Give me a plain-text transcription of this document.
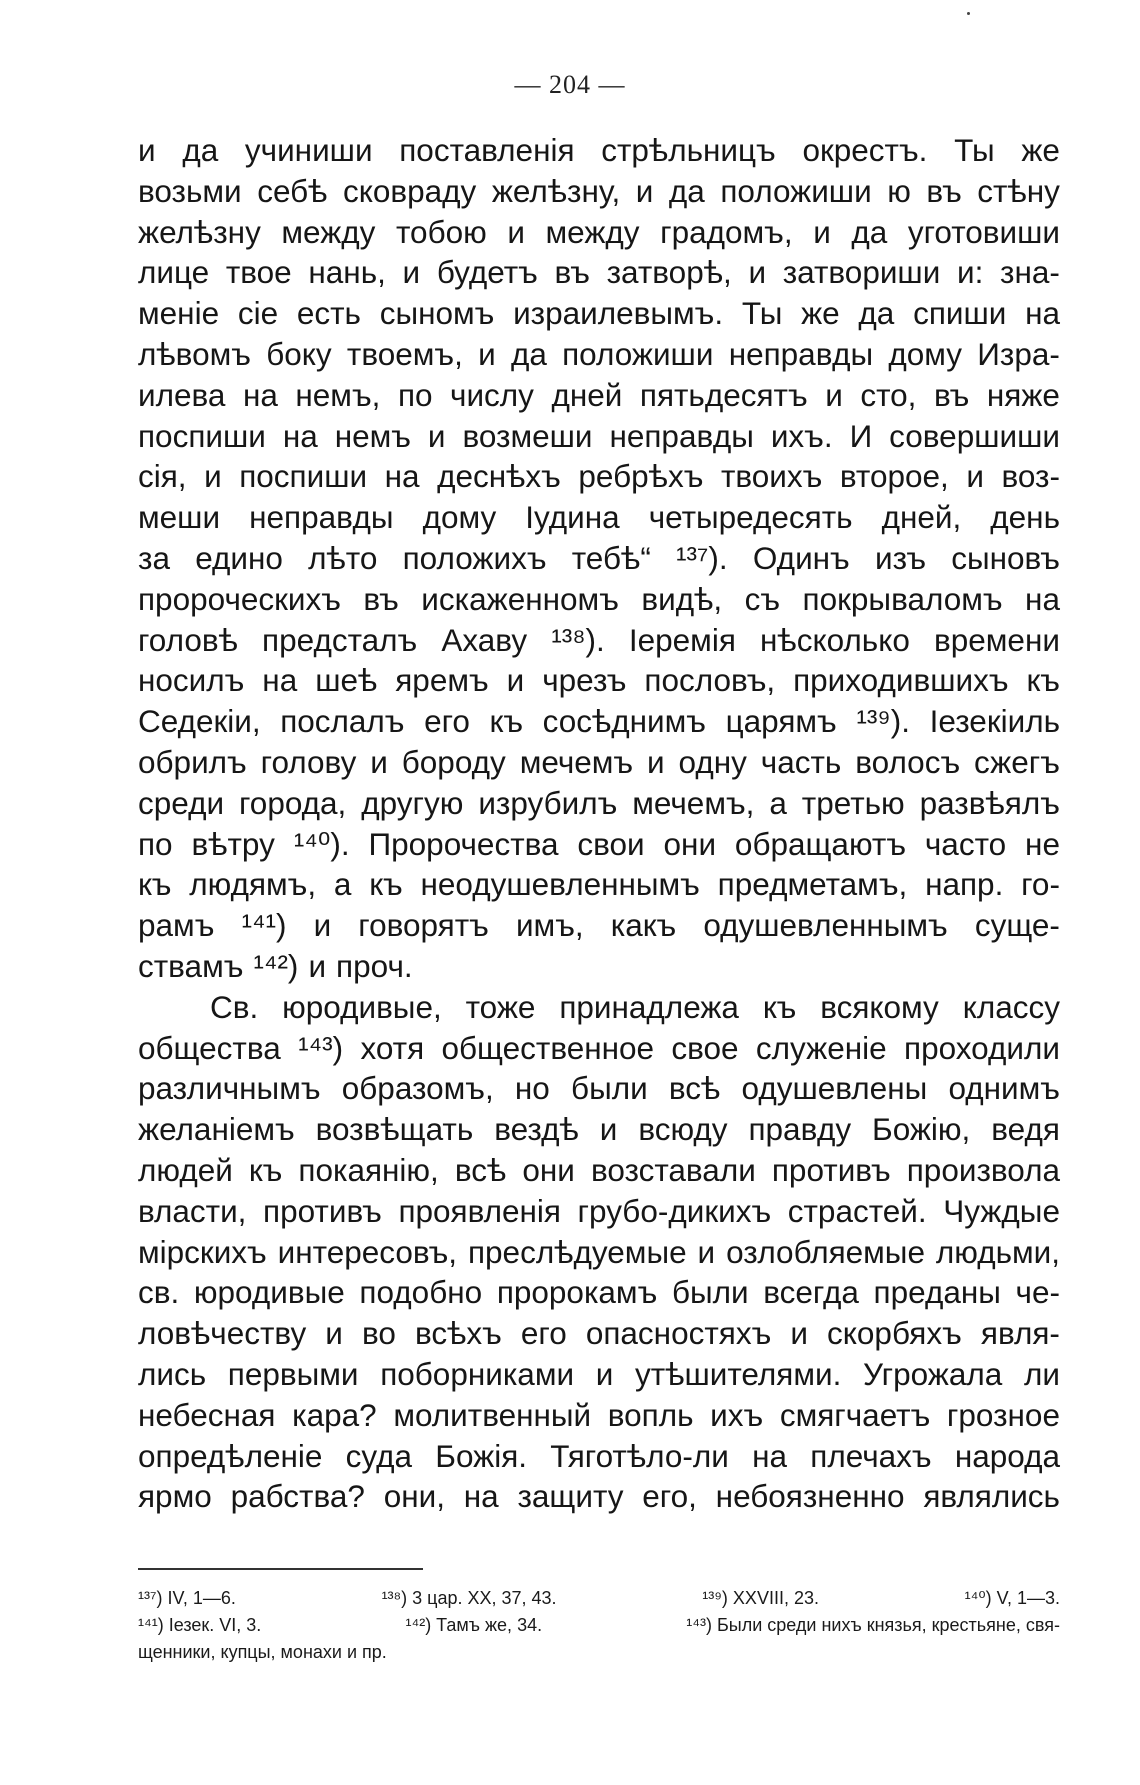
— 204 —
и да учиниши поставленія стрѣльницъ окрестъ. Ты же
возьми себѣ сковраду желѣзну, и да положиши ю въ стѣну
желѣзну между тобою и между градомъ, и да уготовиши
лице твое нань, и будетъ въ затворѣ, и затвориши и: зна-
меніе сіе есть сыномъ израилевымъ. Ты же да спиши на
лѣвомъ боку твоемъ, и да положиши неправды дому Изра-
илева на немъ, по числу дней пятьдесятъ и сто, въ няже
поспиши на немъ и возмеши неправды ихъ. И совершиши
сія, и поспиши на деснѣхъ ребрѣхъ твоихъ второе, и воз-
меши неправды дому Іудина четыредесять дней, день
за едино лѣто положихъ тебѣ“ ¹³⁷). Одинъ изъ сыновъ
пророческихъ въ искаженномъ видѣ, съ покрываломъ на
головѣ предсталъ Ахаву ¹³⁸). Іеремія нѣсколько времени
носилъ на шеѣ яремъ и чрезъ пословъ, приходившихъ къ
Седекіи, послалъ его къ сосѣднимъ царямъ ¹³⁹). Іезекіиль
обрилъ голову и бороду мечемъ и одну часть волосъ сжегъ
среди города, другую изрубилъ мечемъ, а третью развѣялъ
по вѣтру ¹⁴⁰). Пророчества свои они обращаютъ часто не
къ людямъ, а къ неодушевленнымъ предметамъ, напр. го-
рамъ ¹⁴¹) и говорятъ имъ, какъ одушевленнымъ суще-
ствамъ ¹⁴²) и проч.
Св. юродивые, тоже принадлежа къ всякому классу
общества ¹⁴³) хотя общественное свое служеніе проходили
различнымъ образомъ, но были всѣ одушевлены однимъ
желаніемъ возвѣщать вездѣ и всюду правду Божію, ведя
людей къ покаянію, всѣ они возставали противъ произвола
власти, противъ проявленія грубо-дикихъ страстей. Чуждые
мірскихъ интересовъ, преслѣдуемые и озлобляемые людьми,
св. юродивые подобно пророкамъ были всегда преданы че-
ловѣчеству и во всѣхъ его опасностяхъ и скорбяхъ явля-
лись первыми поборниками и утѣшителями. Угрожала ли
небесная кара? молитвенный вопль ихъ смягчаетъ грозное
опредѣленіе суда Божія. Тяготѣло-ли на плечахъ народа
ярмо рабства? они, на защиту его, небоязненно являлись
¹³⁷) IV, 1—6.	¹³⁸) 3 цар. XX, 37, 43.	¹³⁹) XXVIII, 23.	¹⁴⁰) V, 1—3.
¹⁴¹) Іезек. VI, 3.	¹⁴²) Тамъ же, 34.	¹⁴³) Были среди нихъ князья, крестьяне, свя-
щенники, купцы, монахи и пр.
